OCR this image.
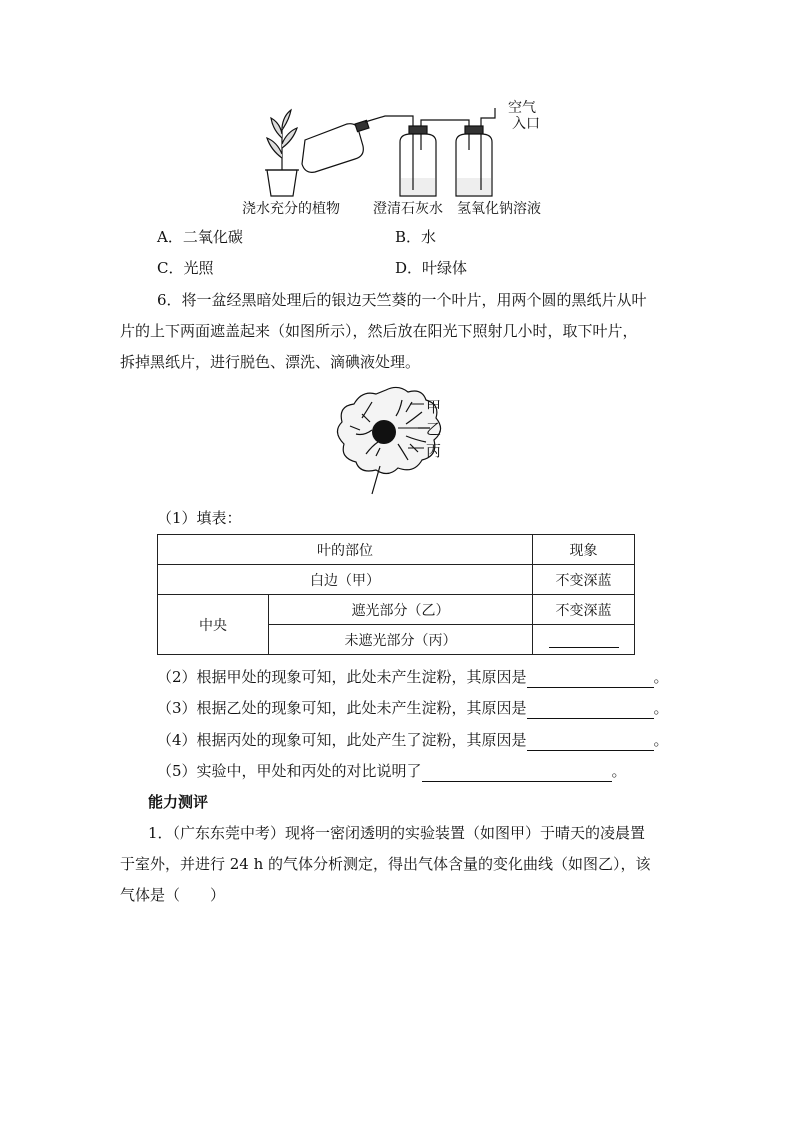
空气
入口
浇水充分的植物 澄清石灰水 氢氧化钠溶液
A．二氧化碳	B．水
C．光照	D．叶绿体
6．将一盆经黑暗处理后的银边天竺葵的一个叶片，用两个圆的黑纸片从叶
片的上下两面遮盖起来（如图所示），然后放在阳光下照射几小时，取下叶片，
拆掉黑纸片，进行脱色、漂洗、滴碘液处理。
甲
乙
丙
（1）填表：
叶的部位		现象
白边（甲）		不变深蓝
中央	遮光部分（乙）	不变深蓝
	未遮光部分（丙）	
（2）根据甲处的现象可知，此处未产生淀粉，其原因是	。
（3）根据乙处的现象可知，此处未产生淀粉，其原因是	。
（4）根据丙处的现象可知，此处产生了淀粉，其原因是	。
（5）实验中，甲处和丙处的对比说明了	。
能力测评
1．（广东东莞中考）现将一密闭透明的实验装置（如图甲）于晴天的凌晨置
于室外，并进行 24 h 的气体分析测定，得出气体含量的变化曲线（如图乙），该
气体是（　　）
